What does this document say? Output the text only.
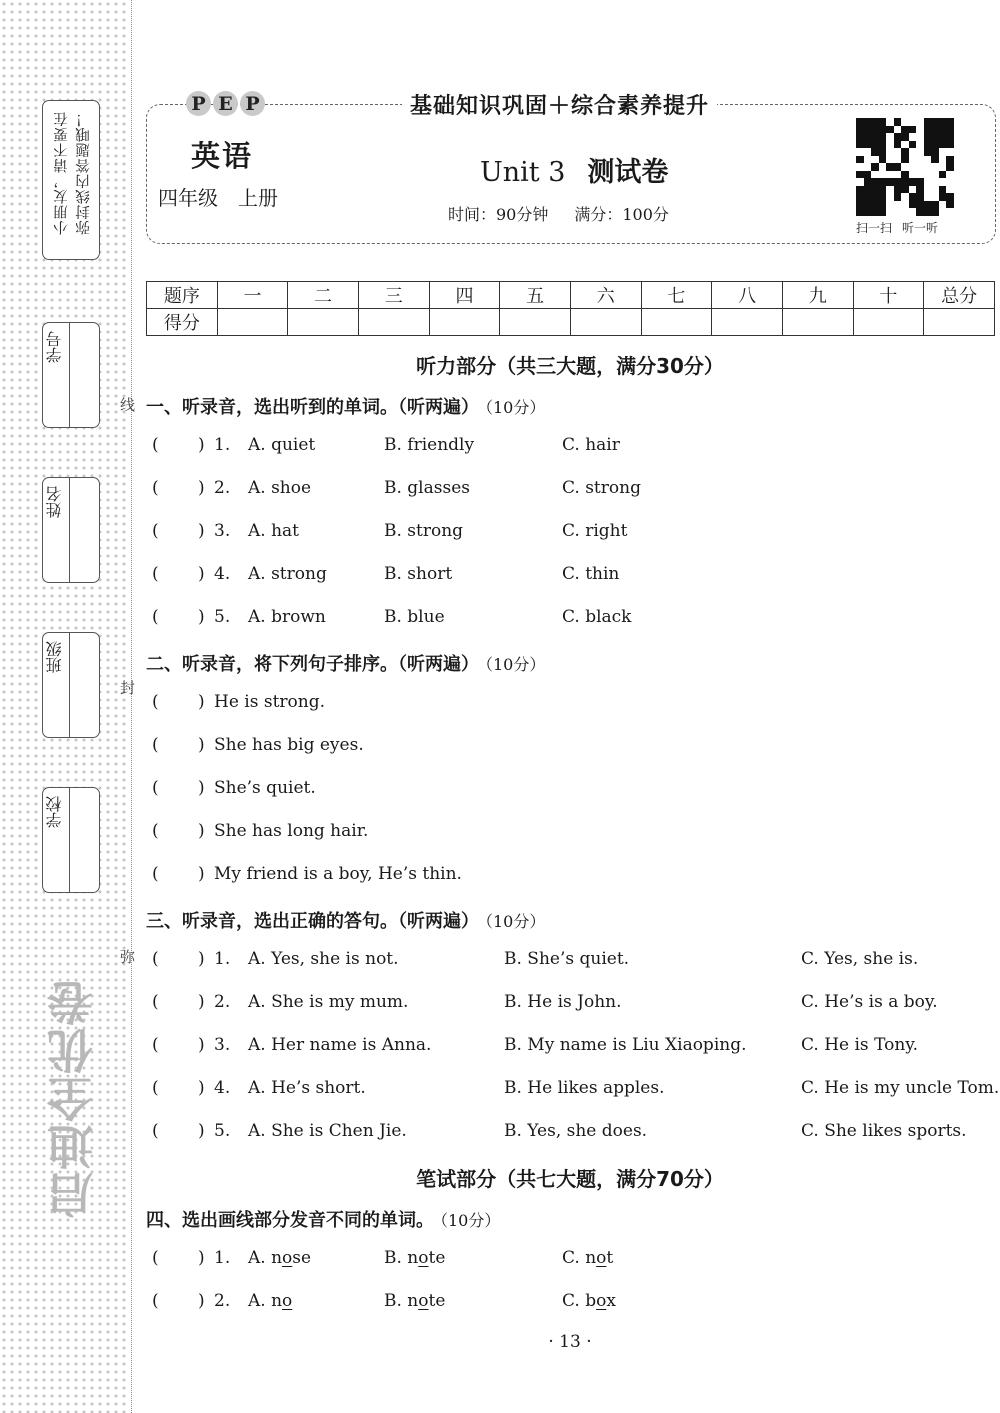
小朋友，请不要在 弥封线内答题哦！
学号
姓名
班级
学校
线
封
弥
启迪全优卷
P E P	基础知识巩固＋综合素养提升
英语
四年级 上册
Unit 3 测试卷
时间：90分钟 满分：100分
扫一扫 听一听
题序	一	二	三	四	五	六	七	八	九	十	总分
得分											
听力部分（共三大题，满分30分）
一、听录音，选出听到的单词。（听两遍） （10分）
( ) 1. A. quiet	B. friendly	C. hair
( ) 2. A. shoe	B. glasses	C. strong
( ) 3. A. hat	B. strong	C. right
( ) 4. A. strong	B. short	C. thin
( ) 5. A. brown	B. blue	C. black
二、听录音，将下列句子排序。（听两遍） （10分）
( ) He is strong.
( ) She has big eyes.
( ) She’s quiet.
( ) She has long hair.
( ) My friend is a boy, He’s thin.
三、听录音，选出正确的答句。（听两遍） （10分）
( ) 1. A. Yes, she is not.	B. She’s quiet.	C. Yes, she is.
( ) 2. A. She is my mum.	B. He is John.	C. He’s is a boy.
( ) 3. A. Her name is Anna.	B. My name is Liu Xiaoping.	C. He is Tony.
( ) 4. A. He’s short.	B. He likes apples.	C. He is my uncle Tom.
( ) 5. A. She is Chen Jie.	B. Yes, she does.	C. She likes sports.
笔试部分（共七大题，满分70分）
四、选出画线部分发音不同的单词。 （10分）
( ) 1. A. nose	B. note	C. not
( ) 2. A. no	B. note	C. box
· 13 ·
